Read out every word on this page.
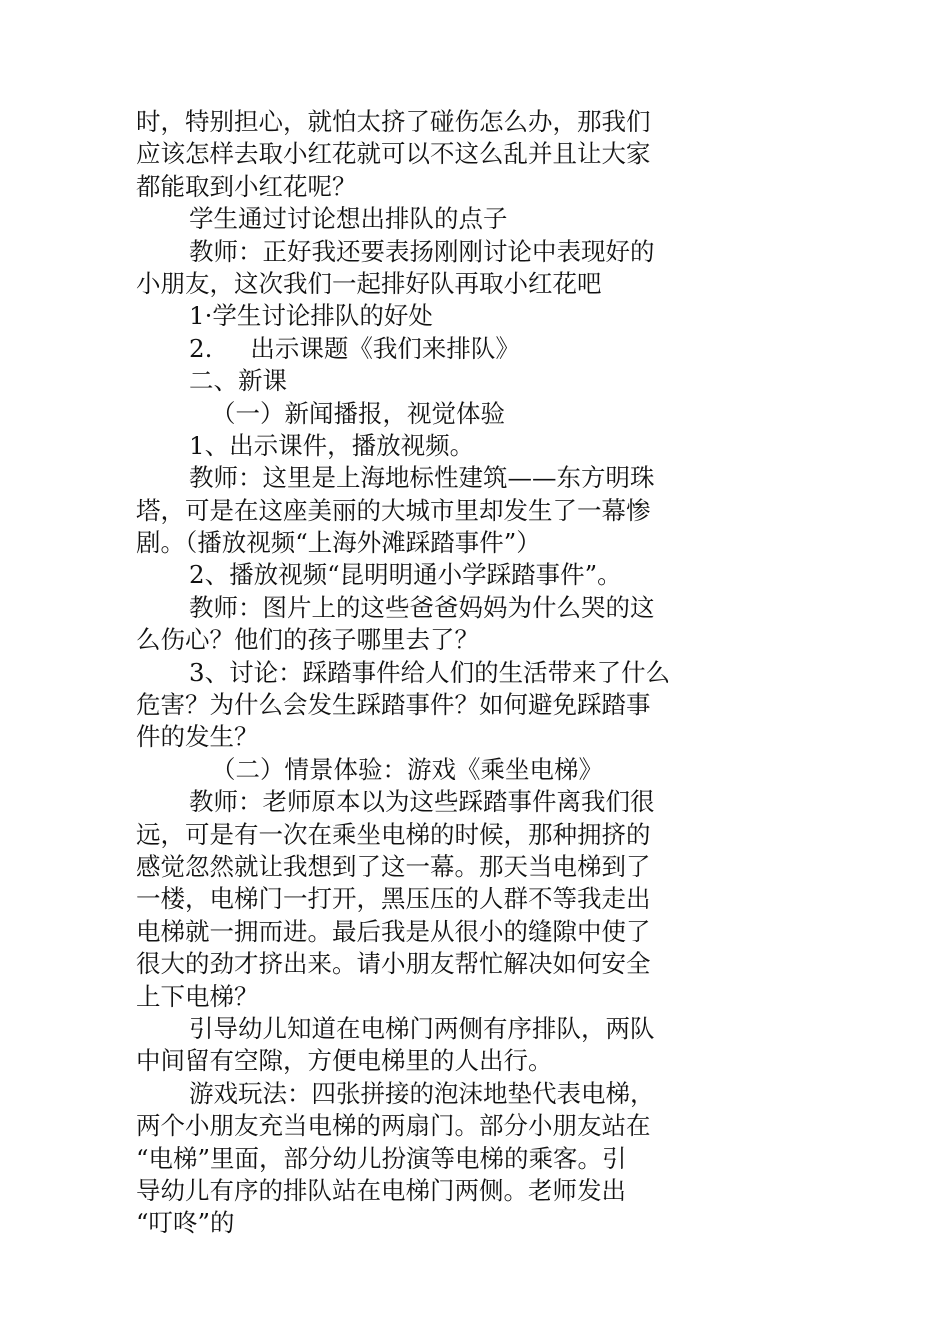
时，特别担心，就怕太挤了碰伤怎么办，那我们
应该怎样去取小红花就可以不这么乱并且让大家
都能取到小红花呢？
学生通过讨论想出排队的点子
教师：正好我还要表扬刚刚讨论中表现好的
小朋友，这次我们一起排好队再取小红花吧
1·学生讨论排队的好处
2. 出示课题《我们来排队》
二、新课
（一）新闻播报，视觉体验
1、出示课件，播放视频。
教师：这里是上海地标性建筑——东方明珠
塔，可是在这座美丽的大城市里却发生了一幕惨
剧。（播放视频“上海外滩踩踏事件”）
2、播放视频“昆明明通小学踩踏事件”。
教师：图片上的这些爸爸妈妈为什么哭的这
么伤心？他们的孩子哪里去了？
3、讨论：踩踏事件给人们的生活带来了什么
危害？为什么会发生踩踏事件？如何避免踩踏事
件的发生？
（二）情景体验：游戏《乘坐电梯》
教师：老师原本以为这些踩踏事件离我们很
远，可是有一次在乘坐电梯的时候，那种拥挤的
感觉忽然就让我想到了这一幕。那天当电梯到了
一楼，电梯门一打开，黑压压的人群不等我走出
电梯就一拥而进。最后我是从很小的缝隙中使了
很大的劲才挤出来。请小朋友帮忙解决如何安全
上下电梯？
引导幼儿知道在电梯门两侧有序排队，两队
中间留有空隙，方便电梯里的人出行。
游戏玩法：四张拼接的泡沫地垫代表电梯，
两个小朋友充当电梯的两扇门。部分小朋友站在
“电梯”里面，部分幼儿扮演等电梯的乘客。引
导幼儿有序的排队站在电梯门两侧。老师发出
“叮咚”的
